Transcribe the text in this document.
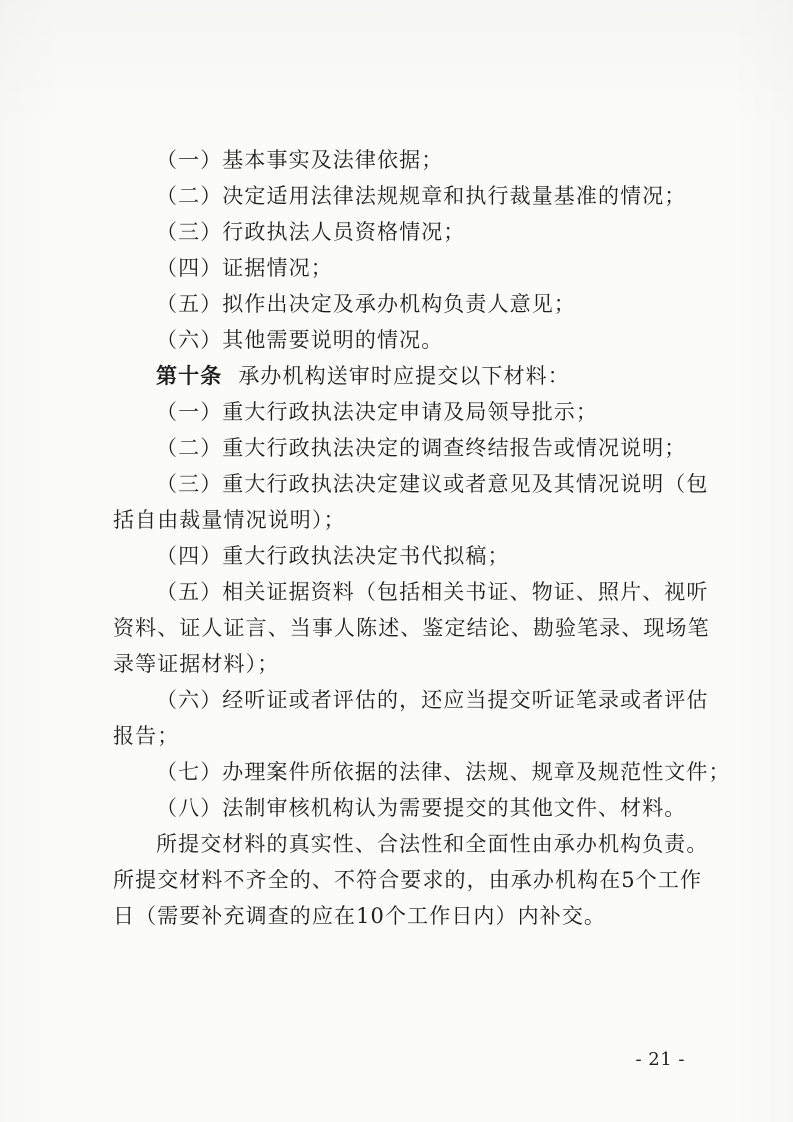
（一）基本事实及法律依据；

（二）决定适用法律法规规章和执行裁量基准的情况；

（三）行政执法人员资格情况；

（四）证据情况；

（五）拟作出决定及承办机构负责人意见；

（六）其他需要说明的情况。

第十条 承办机构送审时应提交以下材料：

（一）重大行政执法决定申请及局领导批示；

（二）重大行政执法决定的调查终结报告或情况说明；

（三）重大行政执法决定建议或者意见及其情况说明（包

括自由裁量情况说明）；

（四）重大行政执法决定书代拟稿；

（五）相关证据资料（包括相关书证、物证、照片、视听

资料、证人证言、当事人陈述、鉴定结论、勘验笔录、现场笔

录等证据材料）；

（六）经听证或者评估的，还应当提交听证笔录或者评估

报告；

（七）办理案件所依据的法律、法规、规章及规范性文件；

（八）法制审核机构认为需要提交的其他文件、材料。

所提交材料的真实性、合法性和全面性由承办机构负责。

所提交材料不齐全的、不符合要求的，由承办机构在5个工作

日（需要补充调查的应在10个工作日内）内补交。

- 21 -
